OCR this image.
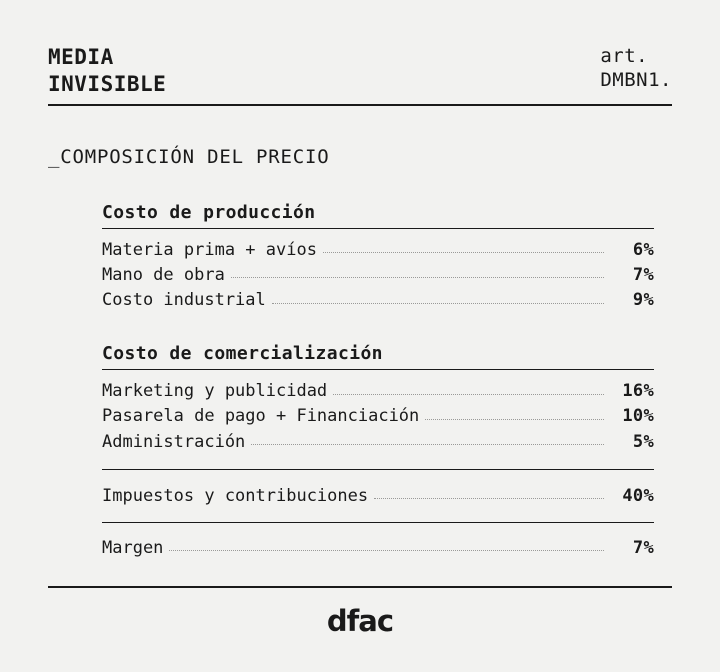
MEDIA
INVISIBLE
art.
DMBN1.
_COMPOSICIÓN DEL PRECIO
Costo de producción
Materia prima + avíos	6%
Mano de obra	7%
Costo industrial	9%
Costo de comercialización
Marketing y publicidad	16%
Pasarela de pago + Financiación	10%
Administración	5%
Impuestos y contribuciones	40%
Margen	7%
dfac
